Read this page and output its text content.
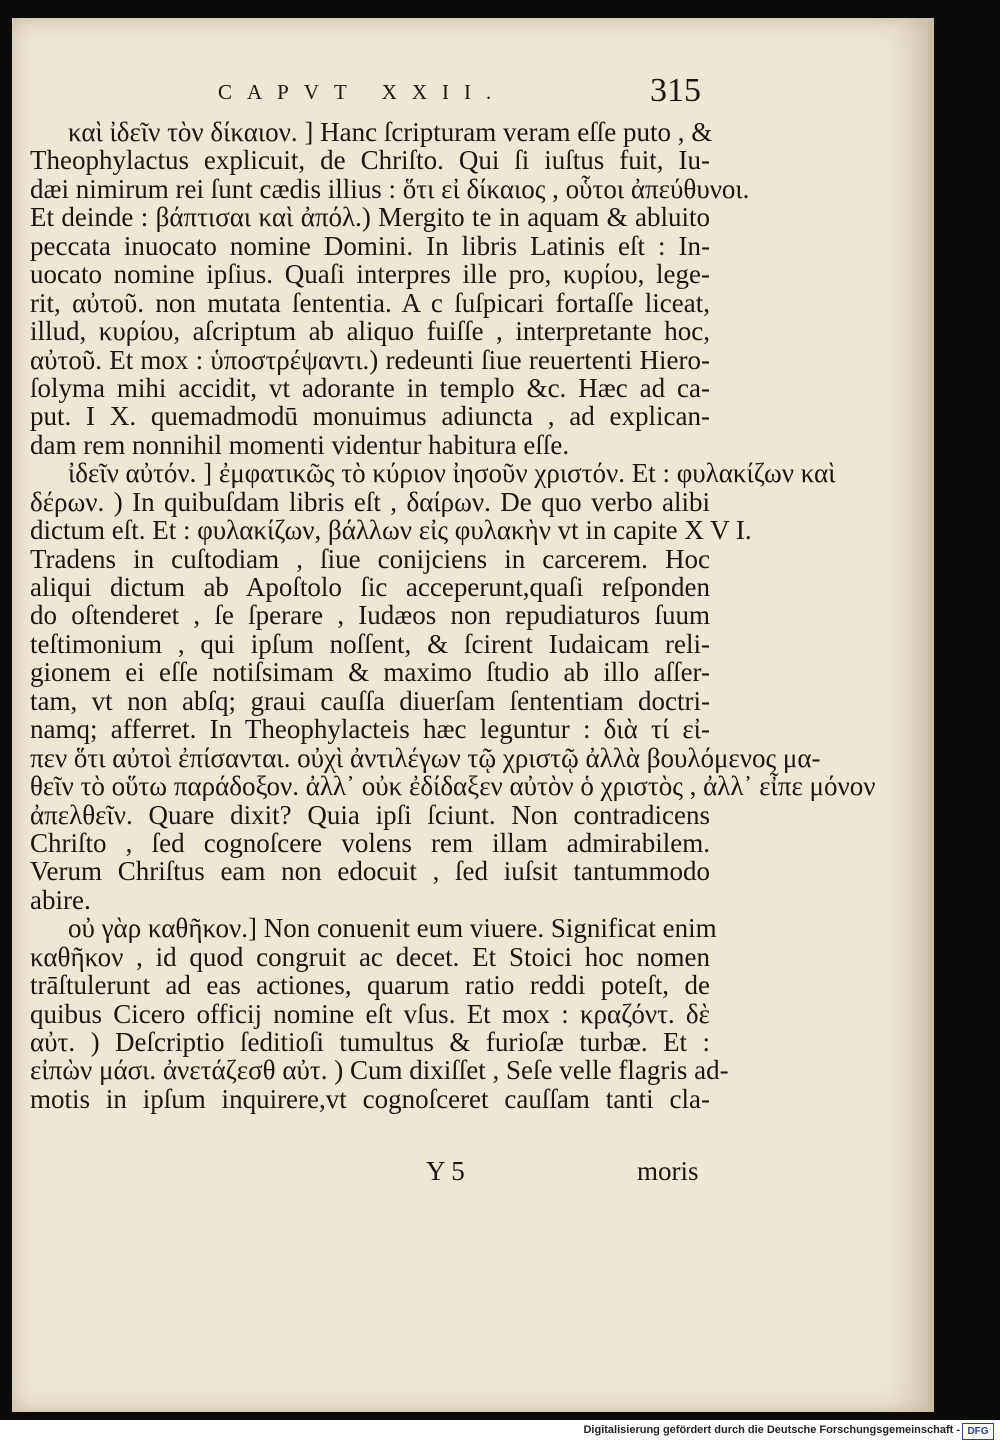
CAPVT XXII.	315
καὶ ἰδεῖν τὸν δίκαιον. ] Hanc ſcripturam veram eſſe puto , &
Theophylactus explicuit, de Chriſto. Qui ſi iuſtus fuit, Iu-
dæi nimirum rei ſunt cædis illius : ὅτι εἰ δίκαιος , οὗτοι ἀπεύθυνοι.
Et deinde : βάπτισαι καὶ ἀπόλ.) Mergito te in aquam & abluito
peccata inuocato nomine Domini. In libris Latinis eſt : In-
uocato nomine ipſius. Quaſi interpres ille pro, κυρίου, lege-
rit, αὐτοῦ. non mutata ſententia. A c ſuſpicari fortaſſe liceat,
illud, κυρίου, aſcriptum ab aliquo fuiſſe , interpretante hoc,
αὐτοῦ. Et mox : ὑποστρέψαντι.) redeunti ſiue reuertenti Hiero-
ſolyma mihi accidit, vt adorante in templo &c. Hæc ad ca-
put. I X. quemadmodū monuimus adiuncta , ad explican-
dam rem nonnihil momenti videntur habitura eſſe.
ἰδεῖν αὐτόν. ] ἐμφατικῶς τὸ κύριον ἰησοῦν χριστόν. Et : φυλακίζων καὶ
δέρων. ) In quibuſdam libris eſt , δαίρων. De quo verbo alibi
dictum eſt. Et : φυλακίζων, βάλλων εἰς φυλακὴν vt in capite X V I.
Tradens in cuſtodiam , ſiue conijciens in carcerem. Hoc
aliqui dictum ab Apoſtolo ſic acceperunt,quaſi reſponden
do oſtenderet , ſe ſperare , Iudæos non repudiaturos ſuum
teſtimonium , qui ipſum noſſent, & ſcirent Iudaicam reli-
gionem ei eſſe notiſsimam & maximo ſtudio ab illo aſſer-
tam, vt non abſq; graui cauſſa diuerſam ſententiam doctri-
namq; afferret. In Theophylacteis hæc leguntur : διὰ τί εἰ-
πεν ὅτι αὐτοὶ ἐπίσανται. οὐχὶ ἀντιλέγων τῷ χριστῷ ἀλλὰ βουλόμενος μα-
θεῖν τὸ οὕτω παράδοξον. ἀλλ᾽ οὐκ ἐδίδαξεν αὐτὸν ὁ χριστὸς , ἀλλ᾽ εἶπε μόνον
ἀπελθεῖν. Quare dixit? Quia ipſi ſciunt. Non contradicens
Chriſto , ſed cognoſcere volens rem illam admirabilem.
Verum Chriſtus eam non edocuit , ſed iuſsit tantummodo
abire.
οὐ γὰρ καθῆκον.] Non conuenit eum viuere. Significat enim
καθῆκον , id quod congruit ac decet. Et Stoici hoc nomen
trāſtulerunt ad eas actiones, quarum ratio reddi poteſt, de
quibus Cicero officij nomine eſt vſus. Et mox : κραζόντ. δὲ
αὐτ. ) Deſcriptio ſeditioſi tumultus & furioſæ turbæ. Et :
εἰπὼν μάσι. ἀνετάζεσθ αὐτ. ) Cum dixiſſet , Seſe velle flagris ad-
motis in ipſum inquirere,vt cognoſceret cauſſam tanti cla-
Y 5	moris
Digitalisierung gefördert durch die Deutsche Forschungsgemeinschaft - DFG
